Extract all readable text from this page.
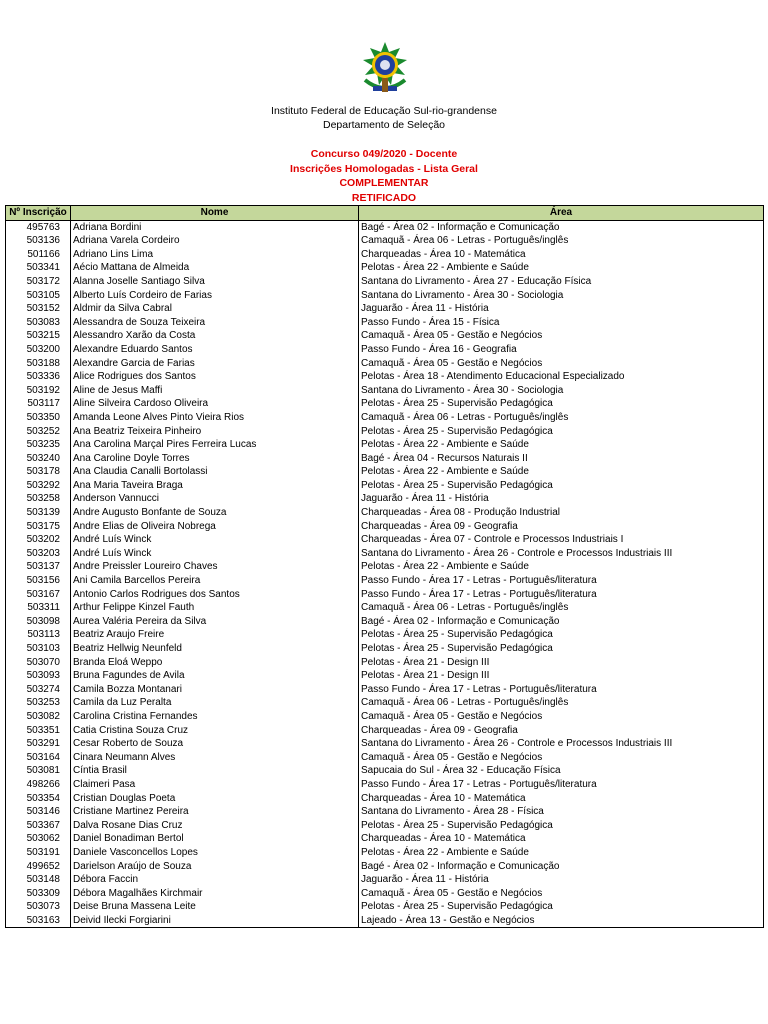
Instituto Federal de Educação Sul-rio-grandense
Departamento de Seleção
Concurso 049/2020 - Docente
Inscrições Homologadas - Lista Geral
COMPLEMENTAR
RETIFICADO
Nº Inscrição	Nome	Área
495763	Adriana Bordini	Bagé - Área 02 - Informação e Comunicação
503136	Adriana Varela Cordeiro	Camaquã - Área 06 - Letras - Português/inglês
501166	Adriano Lins Lima	Charqueadas - Área 10 - Matemática
503341	Aécio Mattana de Almeida	Pelotas - Área 22 - Ambiente e Saúde
503172	Alanna Joselle Santiago Silva	Santana do Livramento - Área 27 - Educação Física
503105	Alberto Luís Cordeiro de Farias	Santana do Livramento - Área 30 - Sociologia
503152	Aldmir da Silva Cabral	Jaguarão - Área 11 - História
503083	Alessandra de Souza Teixeira	Passo Fundo - Área 15 - Física
503215	Alessandro Xarão da Costa	Camaquã - Área 05 - Gestão e Negócios
503200	Alexandre Eduardo Santos	Passo Fundo - Área 16 - Geografia
503188	Alexandre Garcia de Farias	Camaquã - Área 05 - Gestão e Negócios
503336	Alice Rodrigues dos Santos	Pelotas - Área 18 - Atendimento Educacional Especializado
503192	Aline de Jesus Maffi	Santana do Livramento - Área 30 - Sociologia
503117	Aline Silveira Cardoso Oliveira	Pelotas - Área 25 - Supervisão Pedagógica
503350	Amanda Leone Alves Pinto Vieira Rios	Camaquã - Área 06 - Letras - Português/inglês
503252	Ana Beatriz Teixeira Pinheiro	Pelotas - Área 25 - Supervisão Pedagógica
503235	Ana Carolina Marçal Pires Ferreira Lucas	Pelotas - Área 22 - Ambiente e Saúde
503240	Ana Caroline Doyle Torres	Bagé - Área 04 - Recursos Naturais II
503178	Ana Claudia Canalli Bortolassi	Pelotas - Área 22 - Ambiente e Saúde
503292	Ana Maria Taveira Braga	Pelotas - Área 25 - Supervisão Pedagógica
503258	Anderson Vannucci	Jaguarão - Área 11 - História
503139	Andre Augusto Bonfante de Souza	Charqueadas - Área 08 - Produção Industrial
503175	Andre Elias de Oliveira Nobrega	Charqueadas - Área 09 - Geografia
503202	André Luís Winck	Charqueadas - Área 07 - Controle e Processos Industriais I
503203	André Luís Winck	Santana do Livramento - Área 26 - Controle e Processos Industriais III
503137	Andre Preissler Loureiro Chaves	Pelotas - Área 22 - Ambiente e Saúde
503156	Ani Camila Barcellos Pereira	Passo Fundo - Área 17 - Letras - Português/literatura
503167	Antonio Carlos Rodrigues dos Santos	Passo Fundo - Área 17 - Letras - Português/literatura
503311	Arthur Felippe Kinzel Fauth	Camaquã - Área 06 - Letras - Português/inglês
503098	Aurea Valéria Pereira da Silva	Bagé - Área 02 - Informação e Comunicação
503113	Beatriz Araujo Freire	Pelotas - Área 25 - Supervisão Pedagógica
503103	Beatriz Hellwig Neunfeld	Pelotas - Área 25 - Supervisão Pedagógica
503070	Branda Eloá Weppo	Pelotas - Área 21 - Design III
503093	Bruna Fagundes de Avila	Pelotas - Área 21 - Design III
503274	Camila Bozza Montanari	Passo Fundo - Área 17 - Letras - Português/literatura
503253	Camila da Luz Peralta	Camaquã - Área 06 - Letras - Português/inglês
503082	Carolina Cristina Fernandes	Camaquã - Área 05 - Gestão e Negócios
503351	Catia Cristina Souza Cruz	Charqueadas - Área 09 - Geografia
503291	Cesar Roberto de Souza	Santana do Livramento - Área 26 - Controle e Processos Industriais III
503164	Cinara Neumann Alves	Camaquã - Área 05 - Gestão e Negócios
503081	Cíntia Brasil	Sapucaia do Sul - Área 32 - Educação Física
498266	Claimeri Pasa	Passo Fundo - Área 17 - Letras - Português/literatura
503354	Cristian Douglas Poeta	Charqueadas - Área 10 - Matemática
503146	Cristiane Martinez Pereira	Santana do Livramento - Área 28 - Física
503367	Dalva Rosane Dias Cruz	Pelotas - Área 25 - Supervisão Pedagógica
503062	Daniel Bonadiman Bertol	Charqueadas - Área 10 - Matemática
503191	Daniele Vasconcellos Lopes	Pelotas - Área 22 - Ambiente e Saúde
499652	Darielson Araújo de Souza	Bagé - Área 02 - Informação e Comunicação
503148	Débora Faccin	Jaguarão - Área 11 - História
503309	Débora Magalhães Kirchmair	Camaquã - Área 05 - Gestão e Negócios
503073	Deise Bruna Massena Leite	Pelotas - Área 25 - Supervisão Pedagógica
503163	Deivid Ilecki Forgiarini	Lajeado - Área 13 - Gestão e Negócios
